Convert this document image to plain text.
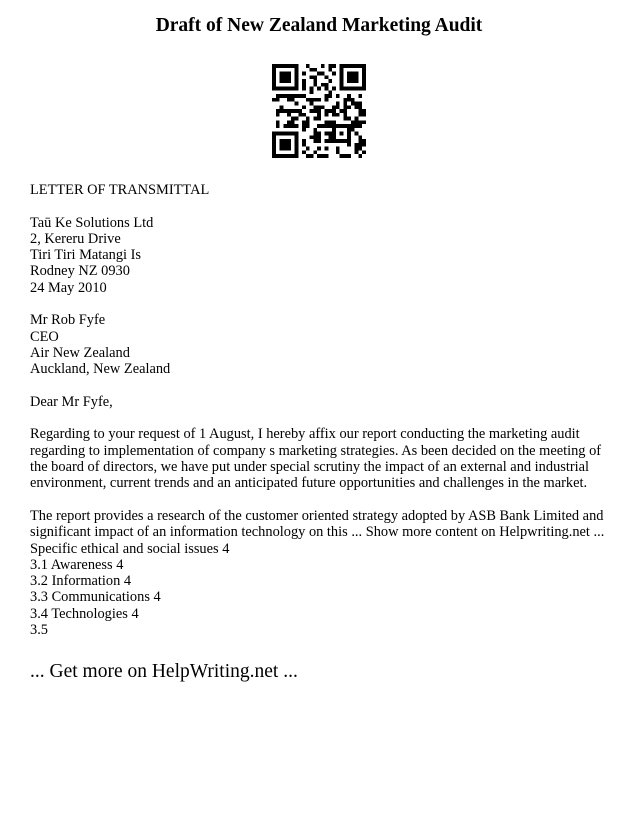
Draft of New Zealand Marketing Audit
LETTER OF TRANSMITTAL
Taū Ke Solutions Ltd
2, Kereru Drive
Tiri Tiri Matangi Is
Rodney NZ 0930
24 May 2010
Mr Rob Fyfe
CEO
Air New Zealand
Auckland, New Zealand
Dear Mr Fyfe,
Regarding to your request of 1 August, I hereby affix our report conducting the marketing audit regarding to implementation of company s marketing strategies. As been decided on the meeting of the board of directors, we have put under special scrutiny the impact of an external and industrial environment, current trends and an anticipated future opportunities and challenges in the market.
The report provides a research of the customer oriented strategy adopted by ASB Bank Limited and significant impact of an information technology on this ... Show more content on Helpwriting.net ...
Specific ethical and social issues 4
3.1 Awareness 4
3.2 Information 4
3.3 Communications 4
3.4 Technologies 4
3.5
... Get more on HelpWriting.net ...
